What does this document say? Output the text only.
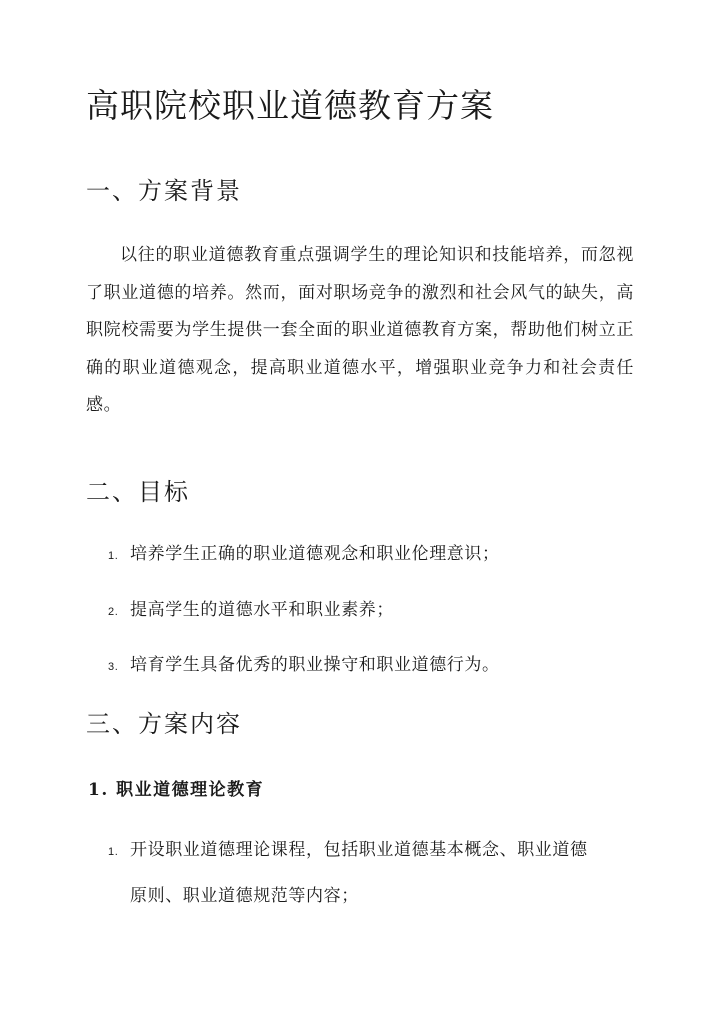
高职院校职业道德教育方案
一、方案背景

以往的职业道德教育重点强调学生的理论知识和技能培养，而忽视了职业道德的培养。然而，面对职场竞争的激烈和社会风气的缺失，高职院校需要为学生提供一套全面的职业道德教育方案，帮助他们树立正确的职业道德观念，提高职业道德水平，增强职业竞争力和社会责任感。

二、目标
1. 培养学生正确的职业道德观念和职业伦理意识；
2. 提高学生的道德水平和职业素养；
3. 培育学生具备优秀的职业操守和职业道德行为。
三、方案内容
1. 职业道德理论教育
1. 开设职业道德理论课程，包括职业道德基本概念、职业道德
原则、职业道德规范等内容；
